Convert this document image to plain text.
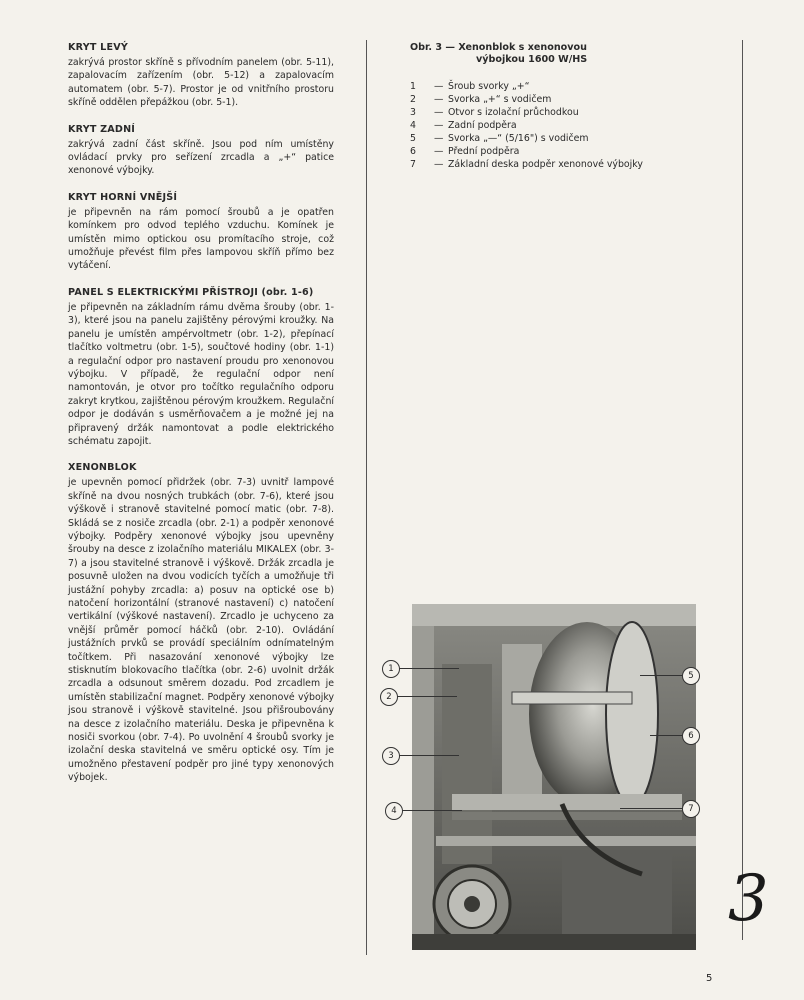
KRYT LEVÝ

zakrývá prostor skříně s přívodním panelem (obr. 5-11), zapalovacím zařízením (obr. 5-12) a zapalovacím automatem (obr. 5-7). Prostor je od vnitřního prostoru skříně oddělen přepážkou (obr. 5-1).

KRYT ZADNÍ

zakrývá zadní část skříně. Jsou pod ním umístěny ovládací prvky pro seřízení zrcadla a „+“ patice xenonové výbojky.

KRYT HORNÍ VNĚJŠÍ

je připevněn na rám pomocí šroubů a je opatřen komínkem pro odvod teplého vzduchu. Komínek je umístěn mimo optickou osu promítacího stroje, což umožňuje převést film přes lampovou skříň přímo bez vytáčení.

PANEL S ELEKTRICKÝMI PŘÍSTROJI (obr. 1-6)

je připevněn na základním rámu dvěma šrouby (obr. 1-3), které jsou na panelu zajištěny pérovými kroužky. Na panelu je umístěn ampérvoltmetr (obr. 1-2), přepínací tlačítko voltmetru (obr. 1-5), součtové hodiny (obr. 1-1) a regulační odpor pro nastavení proudu pro xenonovou výbojku. V případě, že regulační odpor není namontován, je otvor pro točítko regulačního odporu zakryt krytkou, zajištěnou pérovým kroužkem. Regulační odpor je dodáván s usměrňovačem a je možné jej na připravený držák namontovat a podle elektrického schématu zapojit.

XENONBLOK

je upevněn pomocí přidržek (obr. 7-3) uvnitř lampové skříně na dvou nosných trubkách (obr. 7-6), které jsou výškově i stranově stavitelné pomocí matic (obr. 7-8). Skládá se z nosiče zrcadla (obr. 2-1) a podpěr xenonové výbojky. Podpěry xenonové výbojky jsou upevněny šrouby na desce z izolačního materiálu MIKALEX (obr. 3-7) a jsou stavitelné stranově i výškově. Držák zrcadla je posuvně uložen na dvou vodicích tyčích a umožňuje tři justážní pohyby zrcadla: a) posuv na optické ose b) natočení horizontální (stranové nastavení) c) natočení vertikální (výškové nastavení). Zrcadlo je uchyceno za vnější průměr pomocí háčků (obr. 2-10). Ovládání justážních prvků se provádí speciálním odnímatelným točítkem. Při nasazování xenonové výbojky lze stisknutím blokovacího tlačítka (obr. 2-6) uvolnit držák zrcadla a odsunout směrem dozadu. Pod zrcadlem je umístěn stabilizační magnet. Podpěry xenonové výbojky jsou stranově i výškově stavitelné. Jsou přišroubovány na desce z izolačního materiálu. Deska je připevněna k nosiči svorkou (obr. 7-4). Po uvolnění 4 šroubů svorky je izolační deska stavitelná ve směru optické osy. Tím je umožněno přestavení podpěr pro jiné typy xenonových výbojek.

Obr. 3 — Xenonblok s xenonovou
výbojkou 1600 W/HS
1	— Šroub svorky „+“
2	— Svorka „+“ s vodičem
3	— Otvor s izolační průchodkou
4	— Zadní podpěra
5	— Svorka „—“ (5/16") s vodičem
6	— Přední podpěra
7	— Základní deska podpěr xenonové výbojky
1
2
3
4
5
6
7
3
5
